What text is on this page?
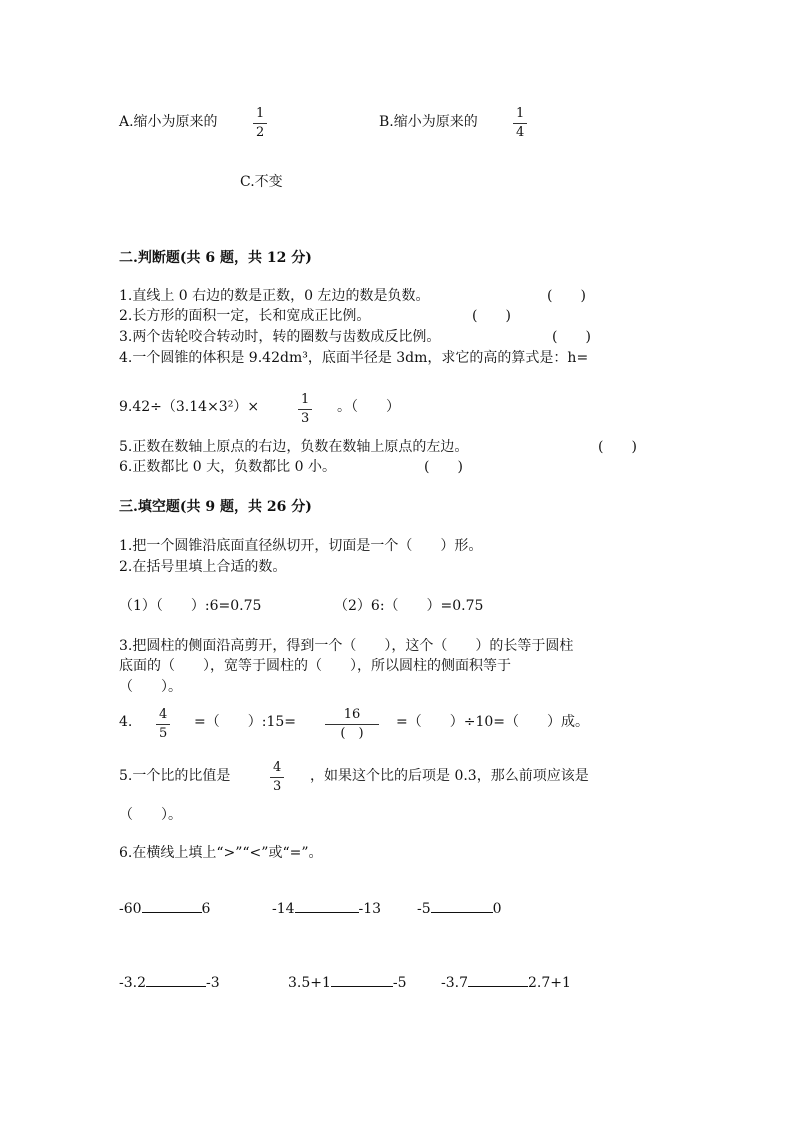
A.缩小为原来的
1
2
B.缩小为原来的
1
4
C.不变
二.判断题(共 6 题，共 12 分)
1.直线上 0 右边的数是正数，0 左边的数是负数。	(　　)
2.长方形的面积一定，长和宽成正比例。	(　　)
3.两个齿轮咬合转动时，转的圈数与齿数成反比例。	(　　)
4.一个圆锥的体积是 9.42dm³，底面半径是 3dm，求它的高的算式是：h=
9.42÷（3.14×3²）×	1
3
。（　　）
5.正数在数轴上原点的右边，负数在数轴上原点的左边。	(　　)
6.正数都比 0 大，负数都比 0 小。	(　　)
三.填空题(共 9 题，共 26 分)
1.把一个圆锥沿底面直径纵切开，切面是一个（　　）形。
2.在括号里填上合适的数。
（1）（　　）:6=0.75	（2）6:（　　）=0.75
3.把圆柱的侧面沿高剪开，得到一个（　　），这个（　　）的长等于圆柱
底面的（　　），宽等于圆柱的（　　），所以圆柱的侧面积等于
（　　）。
4. 4
5
=（　　）:15=	16
(　)
=（　　）÷10=（　　）成。
5.一个比的比值是
4
3
，如果这个比的后项是 0.3，那么前项应该是
（　　）。
6.在横线上填上“>”“<”或“=”。
-60	6	-14	-13	-5	0
-3.2	-3	3.5+1	-5 -3.7	2.7+1
